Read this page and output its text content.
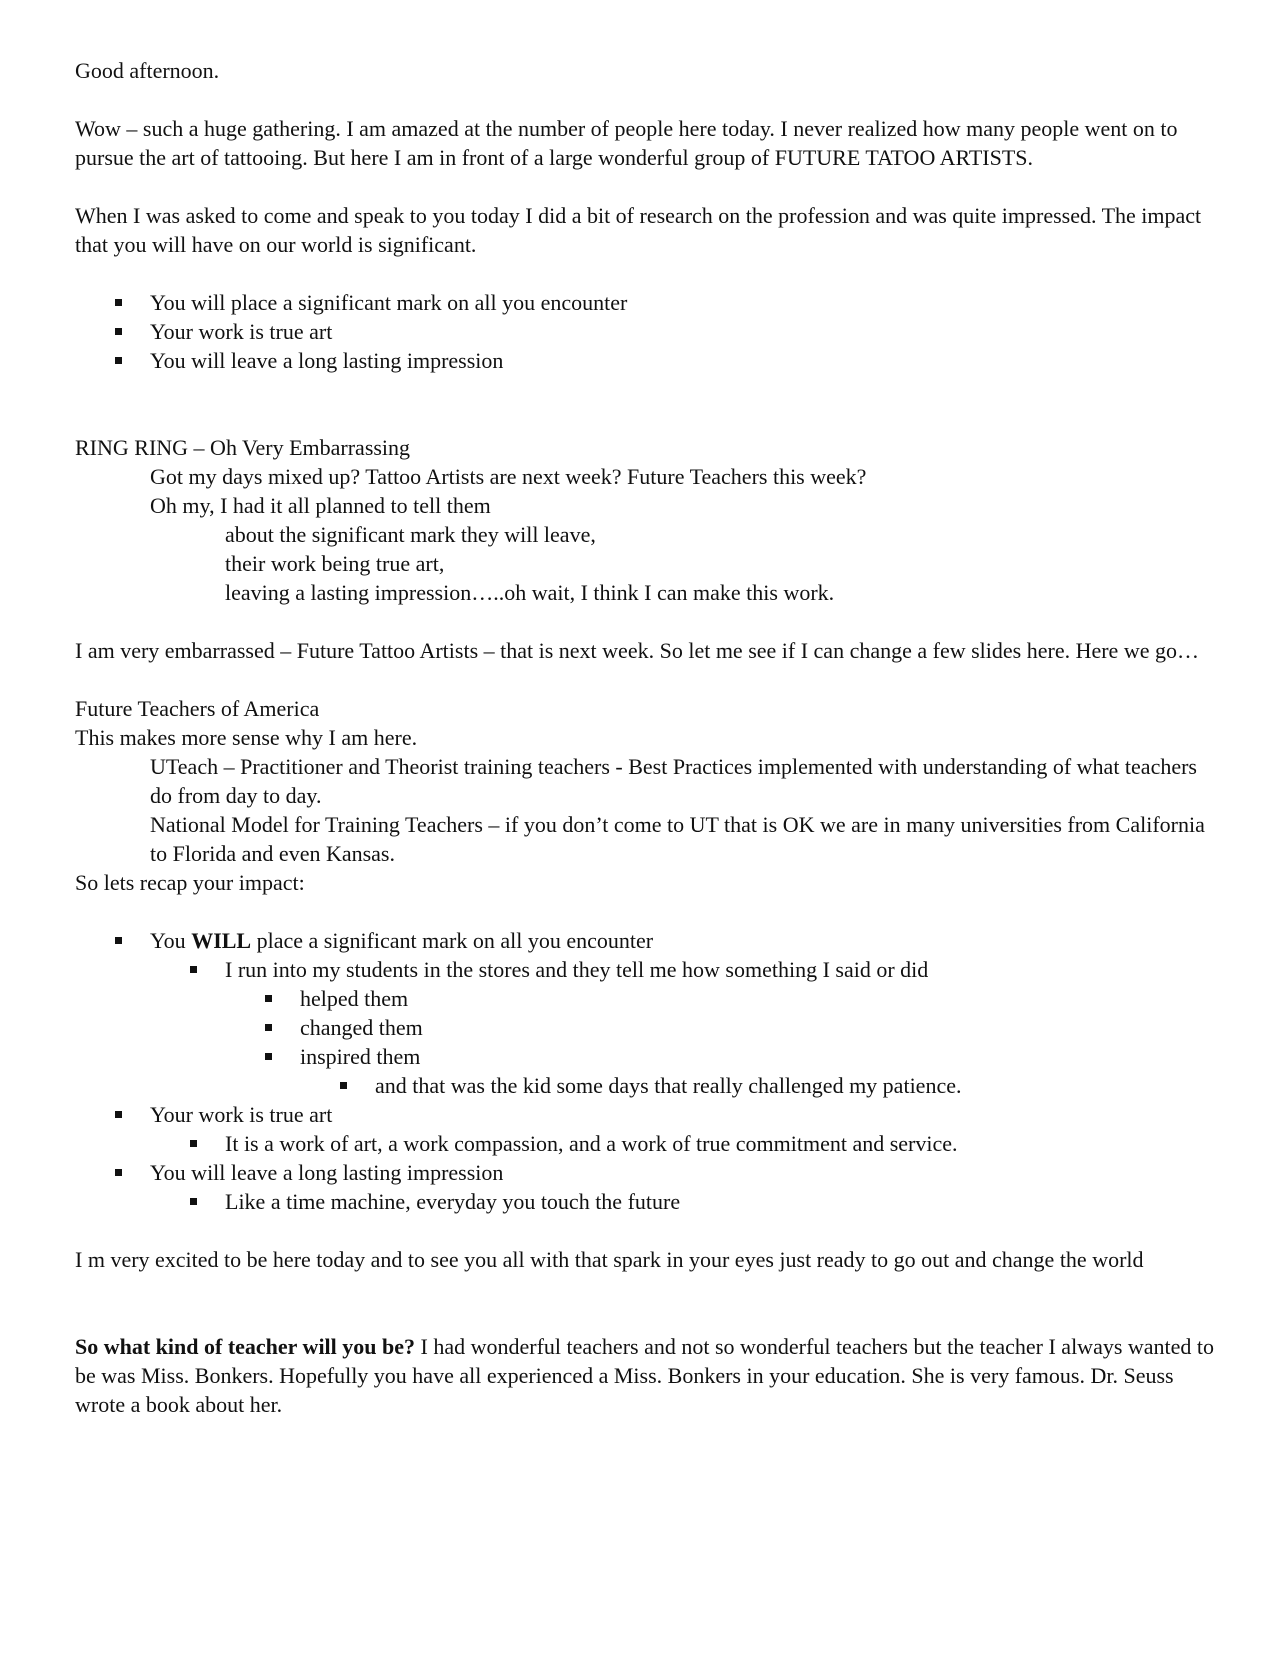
Good afternoon.

Wow – such a huge gathering. I am amazed at the number of people here today. I never realized how many people went on to pursue the art of tattooing. But here I am in front of a large wonderful group of FUTURE TATOO ARTISTS.

When I was asked to come and speak to you today I did a bit of research on the profession and was quite impressed. The impact that you will have on our world is significant.

You will place a significant mark on all you encounter
Your work is true art
You will leave a long lasting impression

RING RING – Oh Very Embarrassing

Got my days mixed up? Tattoo Artists are next week? Future Teachers this week?

Oh my, I had it all planned to tell them

about the significant mark they will leave,

their work being true art,

leaving a lasting impression…..oh wait, I think I can make this work.

I am very embarrassed – Future Tattoo Artists – that is next week. So let me see if I can change a few slides here. Here we go…

Future Teachers of America

This makes more sense why I am here.

UTeach – Practitioner and Theorist training teachers - Best Practices implemented with understanding of what teachers do from day to day.

National Model for Training Teachers – if you don’t come to UT that is OK we are in many universities from California to Florida and even Kansas.

So lets recap your impact:

You WILL place a significant mark on all you encounter
I run into my students in the stores and they tell me how something I said or did
helped them
changed them
inspired them
and that was the kid some days that really challenged my patience.
Your work is true art
It is a work of art, a work compassion, and a work of true commitment and service.
You will leave a long lasting impression
Like a time machine, everyday you touch the future

I m very excited to be here today and to see you all with that spark in your eyes just ready to go out and change the world

So what kind of teacher will you be? I had wonderful teachers and not so wonderful teachers but the teacher I always wanted to be was Miss. Bonkers. Hopefully you have all experienced a Miss. Bonkers in your education. She is very famous. Dr. Seuss wrote a book about her.
